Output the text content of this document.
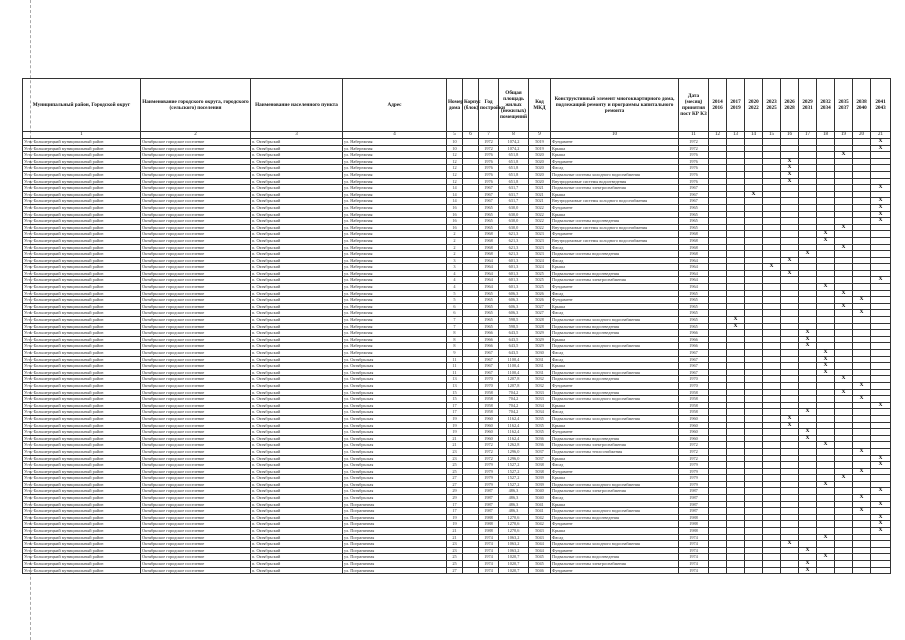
Муниципальный район, Городской округ	Наименование городского округа, городского (сельского) поселения	Наименование населенного пункта	Адрес	Номер дома	Корпус (блок)	Год постройки	Общая площадь жилых (нежилых) помещений	Код МКД	Конструктивный элемент многоквартирного дома, подлежащий ремонту и программы капитального ремонта	Дата (месяц) принятия пост КР КЗ	2014 2016	2017 2019	2020 2022	2023 2025	2026 2028	2029 2031	2032 2034	2035 2037	2038 2040	2041 2043
1	2	3	4	5	6	7	8	9	10	11	12	13	14	15	16	17	18	19	20	21
Усть-Большерецкий муниципальный район	Октябрьское городское поселение	п. Октябрьский	ул. Набережная	10		1972	1074,2	5019	Фундамент	1972										X
Усть-Большерецкий муниципальный район	Октябрьское городское поселение	п. Октябрьский	ул. Набережная	10		1972	1074,2	5019	Крыша	1972										X
Усть-Большерецкий муниципальный район	Октябрьское городское поселение	п. Октябрьский	ул. Набережная	12		1976	651,8	5020	Крыша	1976								X		
Усть-Большерецкий муниципальный район	Октябрьское городское поселение	п. Октябрьский	ул. Набережная	12		1976	651,8	5020	Фундамент	1976					X					
Усть-Большерецкий муниципальный район	Октябрьское городское поселение	п. Октябрьский	ул. Набережная	12		1976	651,8	5020	Фасад	1976					X					
Усть-Большерецкий муниципальный район	Октябрьское городское поселение	п. Октябрьский	ул. Набережная	12		1976	651,8	5020	Подвальные системы холодного водоснабжения	1976					X					
Усть-Большерецкий муниципальный район	Октябрьское городское поселение	п. Октябрьский	ул. Набережная	12		1976	651,8	5020	Внутридомовые системы водоотведения	1976					X					
Усть-Большерецкий муниципальный район	Октябрьское городское поселение	п. Октябрьский	ул. Набережная	14		1967	631,7	5021	Подвальные системы электроснабжения	1967										X
Усть-Большерецкий муниципальный район	Октябрьское городское поселение	п. Октябрьский	ул. Набережная	14		1967	631,7	5021	Крыша	1967			X							
Усть-Большерецкий муниципальный район	Октябрьское городское поселение	п. Октябрьский	ул. Набережная	14		1967	631,7	5021	Внутридомовые системы холодного водоснабжения	1967										X
Усть-Большерецкий муниципальный район	Октябрьское городское поселение	п. Октябрьский	ул. Набережная	16		1965	630,0	5022	Фундамент	1965										X
Усть-Большерецкий муниципальный район	Октябрьское городское поселение	п. Октябрьский	ул. Набережная	16		1965	630,0	5022	Крыша	1965										X
Усть-Большерецкий муниципальный район	Октябрьское городское поселение	п. Октябрьский	ул. Набережная	16		1965	630,0	5022	Подвальные системы водоотведения	1965										X
Усть-Большерецкий муниципальный район	Октябрьское городское поселение	п. Октябрьский	ул. Набережная	16		1965	630,0	5022	Внутридомовые системы холодного водоснабжения	1965								X		
Усть-Большерецкий муниципальный район	Октябрьское городское поселение	п. Октябрьский	ул. Набережная	2		1968	621,3	5023	Фундамент	1968							X			
Усть-Большерецкий муниципальный район	Октябрьское городское поселение	п. Октябрьский	ул. Набережная	2		1968	621,3	5023	Внутридомовые системы холодного водоснабжения	1968							X			
Усть-Большерецкий муниципальный район	Октябрьское городское поселение	п. Октябрьский	ул. Набережная	2		1968	621,3	5023	Фасад	1968								X		
Усть-Большерецкий муниципальный район	Октябрьское городское поселение	п. Октябрьский	ул. Набережная	2		1968	621,3	5023	Подвальные системы водоотведения	1968						X				
Усть-Большерецкий муниципальный район	Октябрьское городское поселение	п. Октябрьский	ул. Набережная	3		1964	601,3	5024	Фасад	1964					X					
Усть-Большерецкий муниципальный район	Октябрьское городское поселение	п. Октябрьский	ул. Набережная	3		1964	601,3	5024	Крыша	1964				X						
Усть-Большерецкий муниципальный район	Октябрьское городское поселение	п. Октябрьский	ул. Набережная	4		1964	601,3	5025	Подвальные системы водоотведения	1964					X					
Усть-Большерецкий муниципальный район	Октябрьское городское поселение	п. Октябрьский	ул. Набережная	4		1964	601,3	5025	Подвальные системы электроснабжения	1964										X
Усть-Большерецкий муниципальный район	Октябрьское городское поселение	п. Октябрьский	ул. Набережная	4		1964	601,3	5025	Фундамент	1964							X			
Усть-Большерецкий муниципальный район	Октябрьское городское поселение	п. Октябрьский	ул. Набережная	5		1965	606,3	5026	Фасад	1965								X		
Усть-Большерецкий муниципальный район	Октябрьское городское поселение	п. Октябрьский	ул. Набережная	5		1965	606,3	5026	Фундамент	1965									X	
Усть-Большерецкий муниципальный район	Октябрьское городское поселение	п. Октябрьский	ул. Набережная	6		1965	606,3	5027	Крыша	1965								X		
Усть-Большерецкий муниципальный район	Октябрьское городское поселение	п. Октябрьский	ул. Набережная	6		1965	606,3	5027	Фасад	1965									X	
Усть-Большерецкий муниципальный район	Октябрьское городское поселение	п. Октябрьский	ул. Набережная	7		1965	598,5	5028	Подвальные системы холодного водоснабжения	1965		X								
Усть-Большерецкий муниципальный район	Октябрьское городское поселение	п. Октябрьский	ул. Набережная	7		1965	598,5	5028	Подвальные системы водоотведения	1965		X								
Усть-Большерецкий муниципальный район	Октябрьское городское поселение	п. Октябрьский	ул. Набережная	8		1966	643,5	5029	Подвальные системы водоотведения	1966						X				
Усть-Большерецкий муниципальный район	Октябрьское городское поселение	п. Октябрьский	ул. Набережная	8		1966	643,5	5029	Крыша	1966						X				
Усть-Большерецкий муниципальный район	Октябрьское городское поселение	п. Октябрьский	ул. Набережная	8		1966	643,5	5029	Подвальные системы холодного водоснабжения	1966						X				
Усть-Большерецкий муниципальный район	Октябрьское городское поселение	п. Октябрьский	ул. Набережная	9		1967	643,5	5030	Фасад	1967							X			
Усть-Большерецкий муниципальный район	Октябрьское городское поселение	п. Октябрьский	ул. Октябрьская	11		1967	1100,4	5031	Фасад	1967							X			
Усть-Большерецкий муниципальный район	Октябрьское городское поселение	п. Октябрьский	ул. Октябрьская	11		1967	1100,4	5031	Крыша	1967							X			
Усть-Большерецкий муниципальный район	Октябрьское городское поселение	п. Октябрьский	ул. Октябрьская	11		1967	1100,4	5031	Подвальные системы холодного водоснабжения	1967							X			
Усть-Большерецкий муниципальный район	Октябрьское городское поселение	п. Октябрьский	ул. Октябрьская	13		1970	1207,8	5032	Подвальные системы водоотведения	1970								X		
Усть-Большерецкий муниципальный район	Октябрьское городское поселение	п. Октябрьский	ул. Октябрьская	13		1970	1207,8	5032	Фундамент	1970									X	
Усть-Большерецкий муниципальный район	Октябрьское городское поселение	п. Октябрьский	ул. Октябрьская	15		1958	704,2	5033	Подвальные системы водоотведения	1958								X		
Усть-Большерецкий муниципальный район	Октябрьское городское поселение	п. Октябрьский	ул. Октябрьская	15		1958	704,2	5033	Подвальные системы холодного водоснабжения	1958									X	
Усть-Большерецкий муниципальный район	Октябрьское городское поселение	п. Октябрьский	ул. Октябрьская	17		1958	704,2	5034	Крыша	1958										X
Усть-Большерецкий муниципальный район	Октябрьское городское поселение	п. Октябрьский	ул. Октябрьская	17		1958	704,2	5034	Фасад	1958						X				
Усть-Большерецкий муниципальный район	Октябрьское городское поселение	п. Октябрьский	ул. Октябрьская	19		1960	1162,4	5035	Подвальные системы холодного водоснабжения	1960					X					
Усть-Большерецкий муниципальный район	Октябрьское городское поселение	п. Октябрьский	ул. Октябрьская	19		1960	1162,4	5035	Крыша	1960					X					
Усть-Большерецкий муниципальный район	Октябрьское городское поселение	п. Октябрьский	ул. Октябрьская	19		1960	1162,4	5035	Фундамент	1960						X				
Усть-Большерецкий муниципальный район	Октябрьское городское поселение	п. Октябрьский	ул. Октябрьская	21		1960	1162,4	5036	Подвальные системы водоотведения	1960						X				
Усть-Большерецкий муниципальный район	Октябрьское городское поселение	п. Октябрьский	ул. Октябрьская	21		1972	1262,8	5036	Подвальные системы электроснабжения	1972							X			
Усть-Большерецкий муниципальный район	Октябрьское городское поселение	п. Октябрьский	ул. Октябрьская	23		1972	1296,0	5037	Подвальные системы теплоснабжения	1972									X	
Усть-Большерецкий муниципальный район	Октябрьское городское поселение	п. Октябрьский	ул. Октябрьская	23		1972	1296,0	5037	Крыша	1972										X
Усть-Большерецкий муниципальный район	Октябрьское городское поселение	п. Октябрьский	ул. Октябрьская	25		1979	1527,2	5038	Фасад	1979										X
Усть-Большерецкий муниципальный район	Октябрьское городское поселение	п. Октябрьский	ул. Октябрьская	25		1979	1527,2	5038	Фундамент	1979									X	
Усть-Большерецкий муниципальный район	Октябрьское городское поселение	п. Октябрьский	ул. Октябрьская	27		1979	1527,2	5039	Крыша	1979								X		
Усть-Большерецкий муниципальный район	Октябрьское городское поселение	п. Октябрьский	ул. Октябрьская	27		1979	1527,2	5039	Подвальные системы холодного водоснабжения	1979							X			
Усть-Большерецкий муниципальный район	Октябрьское городское поселение	п. Октябрьский	ул. Октябрьская	29		1987	486,3	5040	Подвальные системы электроснабжения	1987										X
Усть-Большерецкий муниципальный район	Октябрьское городское поселение	п. Октябрьский	ул. Октябрьская	29		1987	486,3	5040	Фасад	1987									X	
Усть-Большерецкий муниципальный район	Октябрьское городское поселение	п. Октябрьский	ул. Пограничная	17		1987	486,3	5041	Крыша	1987										X
Усть-Большерецкий муниципальный район	Октябрьское городское поселение	п. Октябрьский	ул. Пограничная	17		1987	486,3	5041	Подвальные системы холодного водоснабжения	1987									X	
Усть-Большерецкий муниципальный район	Октябрьское городское поселение	п. Октябрьский	ул. Пограничная	19		1988	1270,6	5042	Подвальные системы водоотведения	1988										X
Усть-Большерецкий муниципальный район	Октябрьское городское поселение	п. Октябрьский	ул. Пограничная	19		1988	1270,6	5042	Фундамент	1988										X
Усть-Большерецкий муниципальный район	Октябрьское городское поселение	п. Октябрьский	ул. Пограничная	21		1988	1270,6	5043	Крыша	1988										X
Усть-Большерецкий муниципальный район	Октябрьское городское поселение	п. Октябрьский	ул. Пограничная	21		1974	1063,2	5043	Фасад	1974							X			
Усть-Большерецкий муниципальный район	Октябрьское городское поселение	п. Октябрьский	ул. Пограничная	23		1974	1063,2	5044	Подвальные системы холодного водоснабжения	1974					X					
Усть-Большерецкий муниципальный район	Октябрьское городское поселение	п. Октябрьский	ул. Пограничная	23		1974	1063,2	5044	Фундамент	1974						X				
Усть-Большерецкий муниципальный район	Октябрьское городское поселение	п. Октябрьский	ул. Пограничная	25		1974	1020,7	5045	Подвальные системы водоотведения	1974							X			
Усть-Большерецкий муниципальный район	Октябрьское городское поселение	п. Октябрьский	ул. Пограничная	25		1974	1020,7	5045	Подвальные системы электроснабжения	1974						X				
Усть-Большерецкий муниципальный район	Октябрьское городское поселение	п. Октябрьский	ул. Пограничная	27		1974	1020,7	5046	Фундамент	1974						X				
